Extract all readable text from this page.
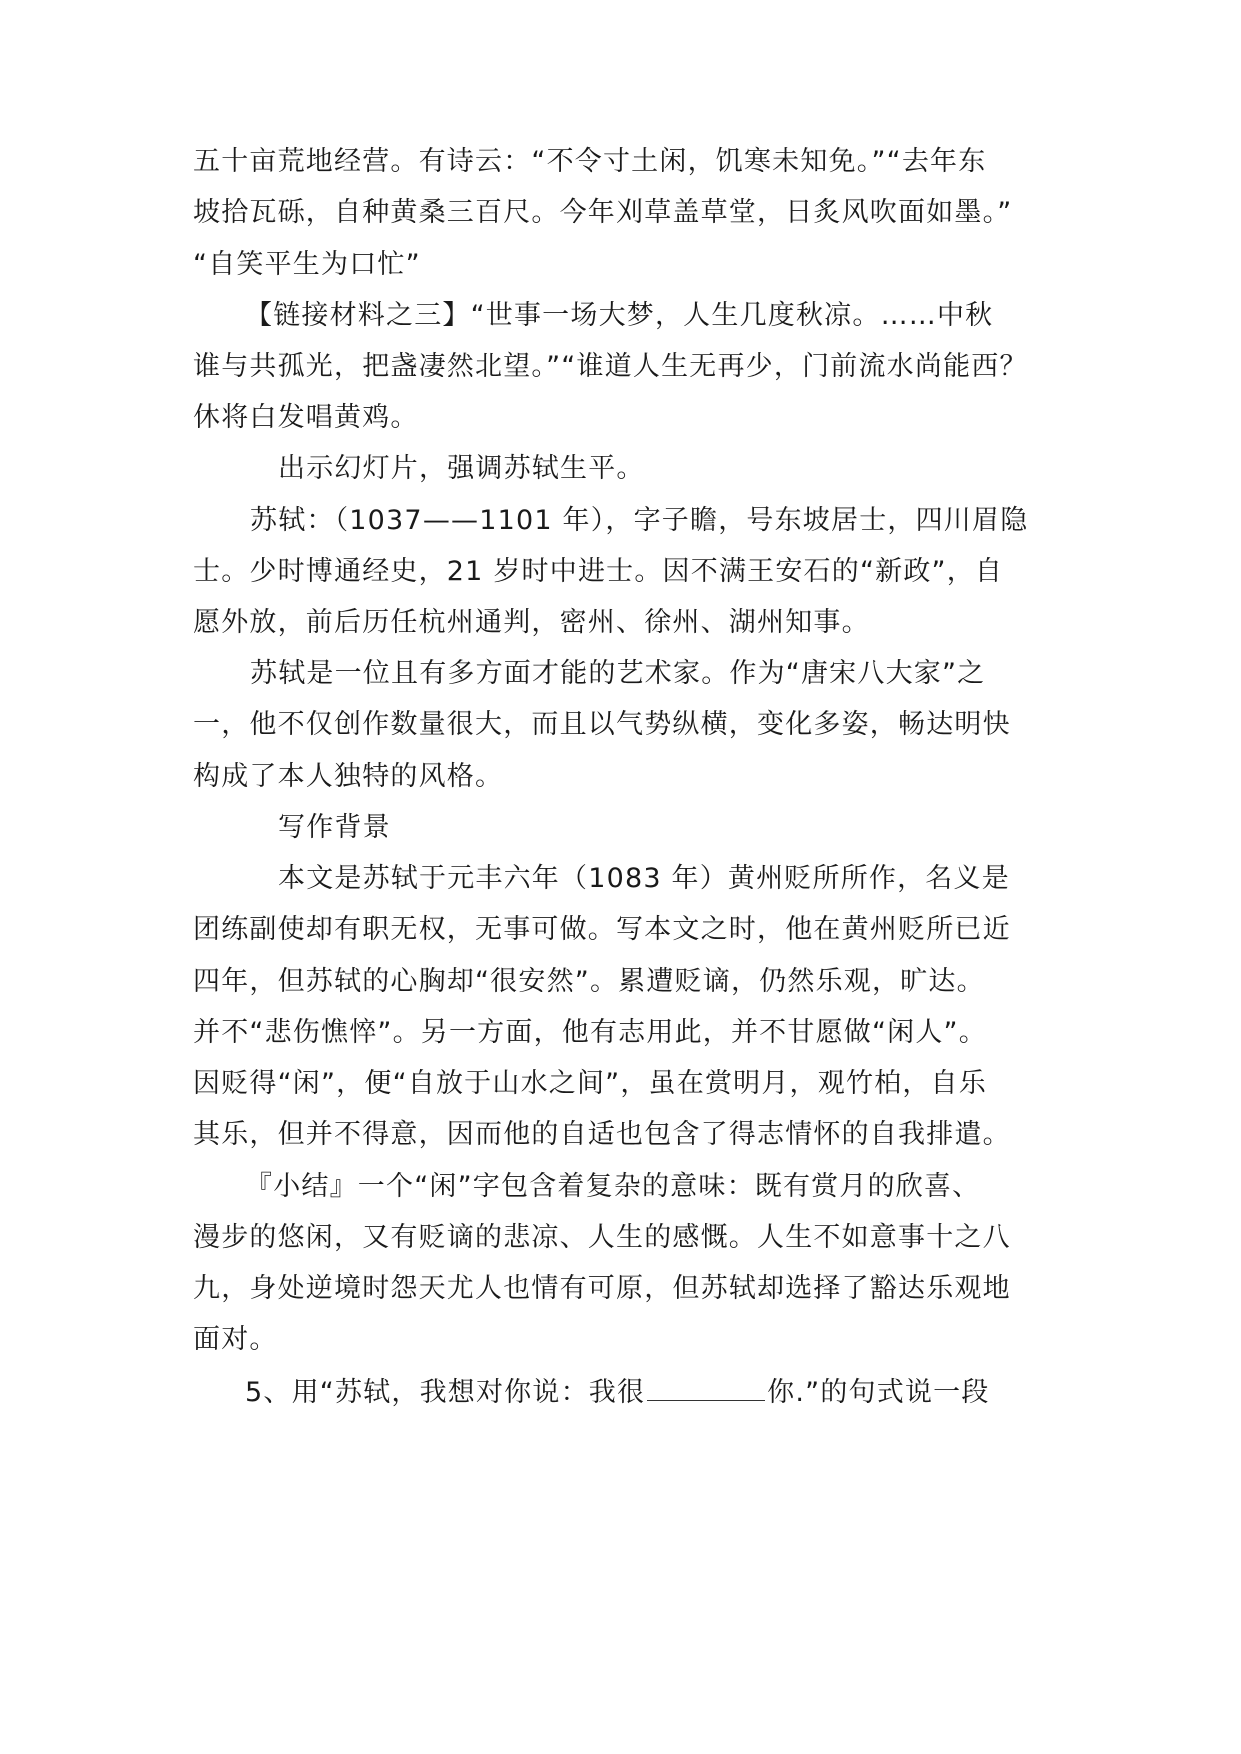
五十亩荒地经营。有诗云：“不令寸土闲，饥寒未知免。”“去年东
坡拾瓦砾，自种黄桑三百尺。今年刈草盖草堂，日炙风吹面如墨。”
“自笑平生为口忙”
【链接材料之三】“世事一场大梦，人生几度秋凉。……中秋
谁与共孤光，把盏凄然北望。”“谁道人生无再少，门前流水尚能西？
休将白发唱黄鸡。
出示幻灯片，强调苏轼生平。
苏轼：（1037——1101 年），字子瞻，号东坡居士，四川眉隐
士。少时博通经史，21 岁时中进士。因不满王安石的“新政”，自
愿外放，前后历任杭州通判，密州、徐州、湖州知事。
苏轼是一位且有多方面才能的艺术家。作为“唐宋八大家”之
一，他不仅创作数量很大，而且以气势纵横，变化多姿，畅达明快
构成了本人独特的风格。
写作背景
本文是苏轼于元丰六年（1083 年）黄州贬所所作，名义是
团练副使却有职无权，无事可做。写本文之时，他在黄州贬所已近
四年，但苏轼的心胸却“很安然”。累遭贬谪，仍然乐观，旷达。
并不“悲伤憔悴”。另一方面，他有志用此，并不甘愿做“闲人”。
因贬得“闲”，便“自放于山水之间”，虽在赏明月，观竹柏，自乐
其乐，但并不得意，因而他的自适也包含了得志情怀的自我排遣。
『小结』一个“闲”字包含着复杂的意味：既有赏月的欣喜、
漫步的悠闲，又有贬谪的悲凉、人生的感慨。人生不如意事十之八
九，身处逆境时怨天尤人也情有可原，但苏轼却选择了豁达乐观地
面对。
5、用“苏轼，我想对你说：我很	你.”的句式说一段
